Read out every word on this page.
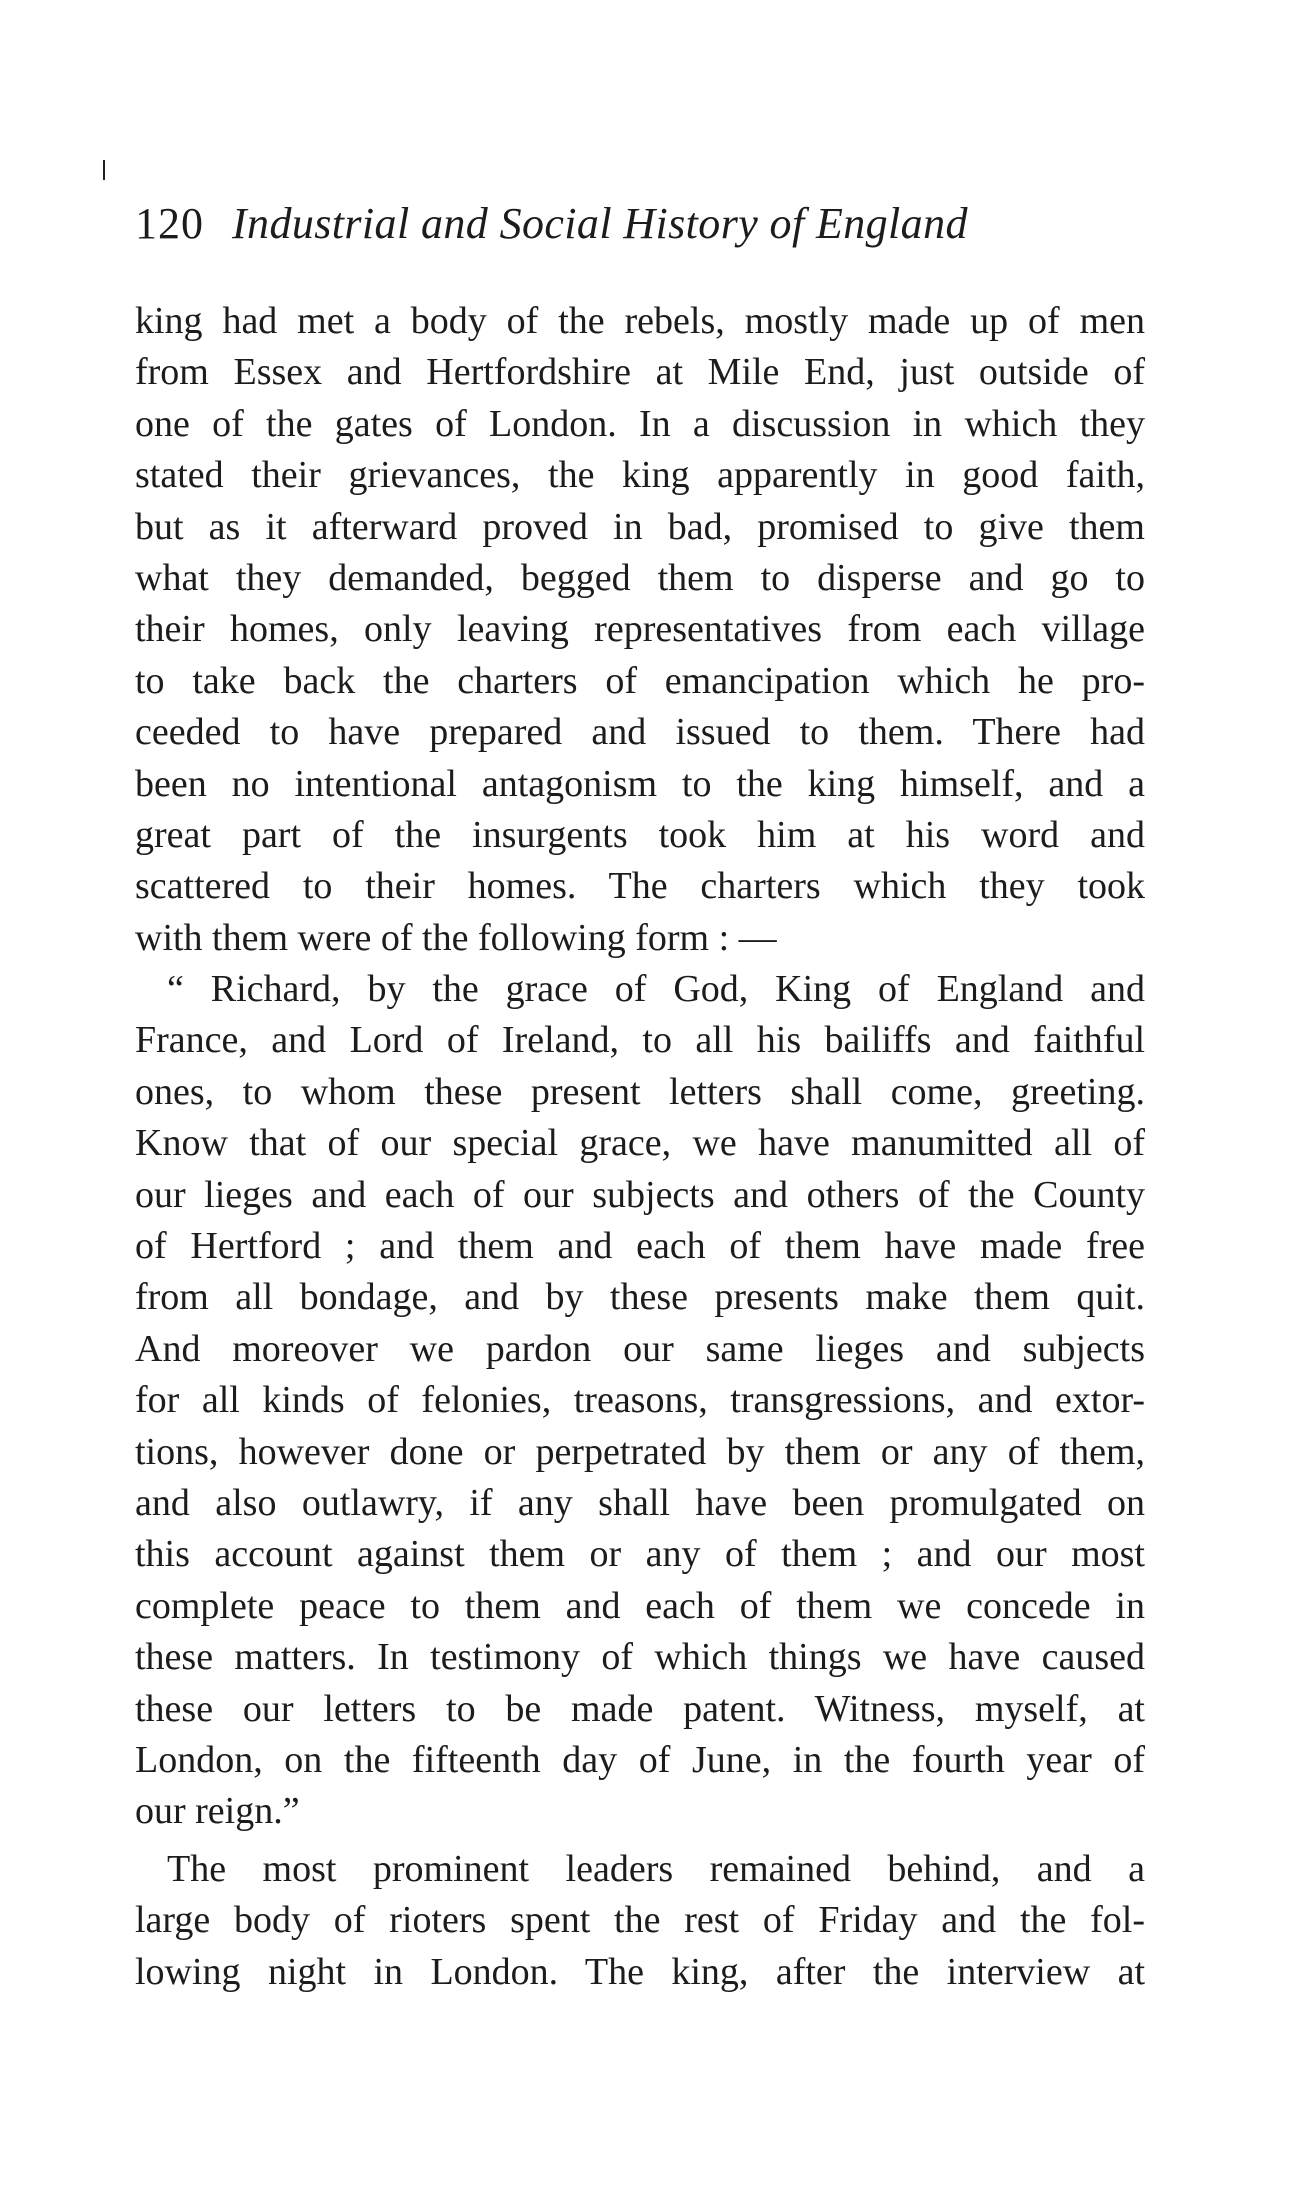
120 Industrial and Social History of England
king had met a body of the rebels, mostly made up of men
from Essex and Hertfordshire at Mile End, just outside of
one of the gates of London. In a discussion in which they
stated their grievances, the king apparently in good faith,
but as it afterward proved in bad, promised to give them
what they demanded, begged them to disperse and go to
their homes, only leaving representatives from each village
to take back the charters of emancipation which he pro-
ceeded to have prepared and issued to them. There had
been no intentional antagonism to the king himself, and a
great part of the insurgents took him at his word and
scattered to their homes. The charters which they took
with them were of the following form : —
“ Richard, by the grace of God, King of England and
France, and Lord of Ireland, to all his bailiffs and faithful
ones, to whom these present letters shall come, greeting.
Know that of our special grace, we have manumitted all of
our lieges and each of our subjects and others of the County
of Hertford ; and them and each of them have made free
from all bondage, and by these presents make them quit.
And moreover we pardon our same lieges and subjects
for all kinds of felonies, treasons, transgressions, and extor-
tions, however done or perpetrated by them or any of them,
and also outlawry, if any shall have been promulgated on
this account against them or any of them ; and our most
complete peace to them and each of them we concede in
these matters. In testimony of which things we have caused
these our letters to be made patent. Witness, myself, at
London, on the fifteenth day of June, in the fourth year of
our reign.”
The most prominent leaders remained behind, and a
large body of rioters spent the rest of Friday and the fol-
lowing night in London. The king, after the interview at
